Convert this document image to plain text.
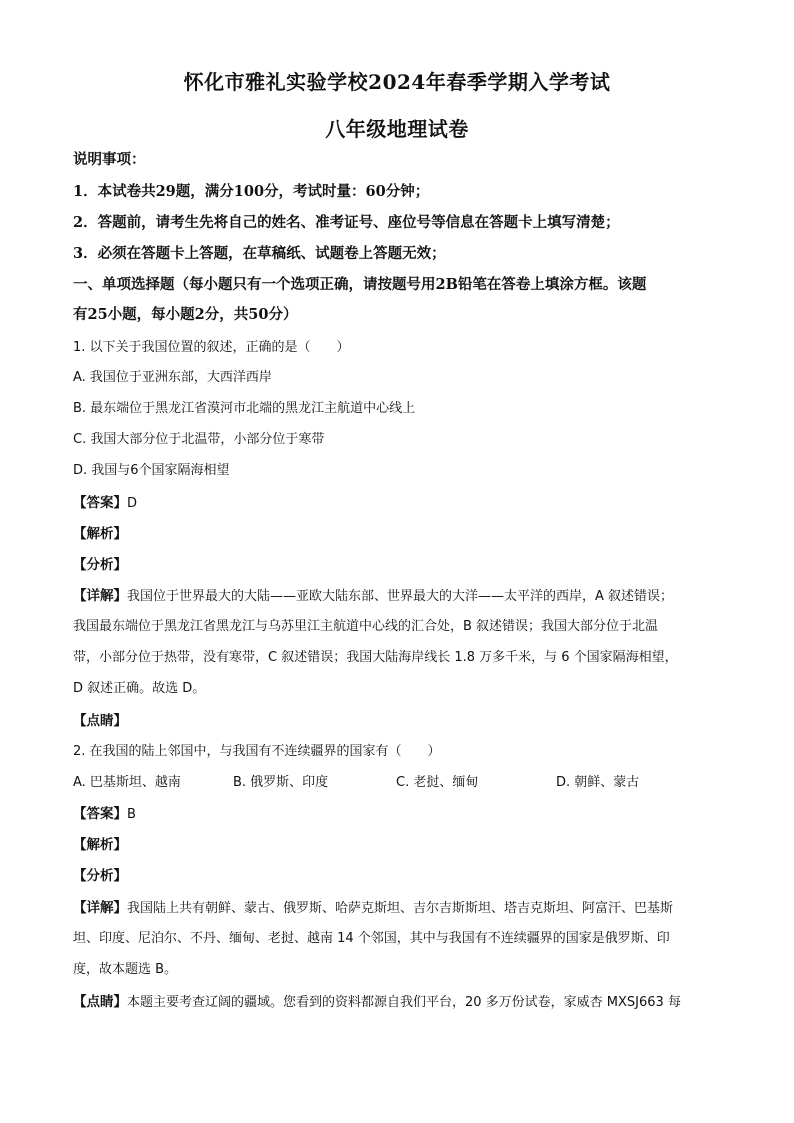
怀化市雅礼实验学校2024年春季学期入学考试
八年级地理试卷
说明事项：
1．本试卷共29题，满分100分，考试时量：60分钟；
2．答题前，请考生先将自己的姓名、准考证号、座位号等信息在答题卡上填写清楚；
3．必须在答题卡上答题，在草稿纸、试题卷上答题无效；
一、单项选择题（每小题只有一个选项正确，请按题号用2B铅笔在答卷上填涂方框。该题
有25小题，每小题2分，共50分）
1. 以下关于我国位置的叙述，正确的是（　　）
A. 我国位于亚洲东部，大西洋西岸
B. 最东端位于黑龙江省漠河市北端的黑龙江主航道中心线上
C. 我国大部分位于北温带，小部分位于寒带
D. 我国与6个国家隔海相望
【答案】D
【解析】
【分析】
【详解】我国位于世界最大的大陆——亚欧大陆东部、世界最大的大洋——太平洋的西岸，A 叙述错误；
我国最东端位于黑龙江省黑龙江与乌苏里江主航道中心线的汇合处，B 叙述错误；我国大部分位于北温
带，小部分位于热带，没有寒带，C 叙述错误；我国大陆海岸线长 1.8 万多千米，与 6 个国家隔海相望，
D 叙述正确。故选 D。
【点睛】
2. 在我国的陆上邻国中，与我国有不连续疆界的国家有（　　）
A. 巴基斯坦、越南	B. 俄罗斯、印度	C. 老挝、缅甸	D. 朝鲜、蒙古
【答案】B
【解析】
【分析】
【详解】我国陆上共有朝鲜、蒙古、俄罗斯、哈萨克斯坦、吉尔吉斯斯坦、塔吉克斯坦、阿富汗、巴基斯
坦、印度、尼泊尔、不丹、缅甸、老挝、越南 14 个邻国，其中与我国有不连续疆界的国家是俄罗斯、印
度，故本题选 B。
【点睛】本题主要考查辽阔的疆域。您看到的资料都源自我们平台，20 多万份试卷，家威杏 MXSJ663 每
